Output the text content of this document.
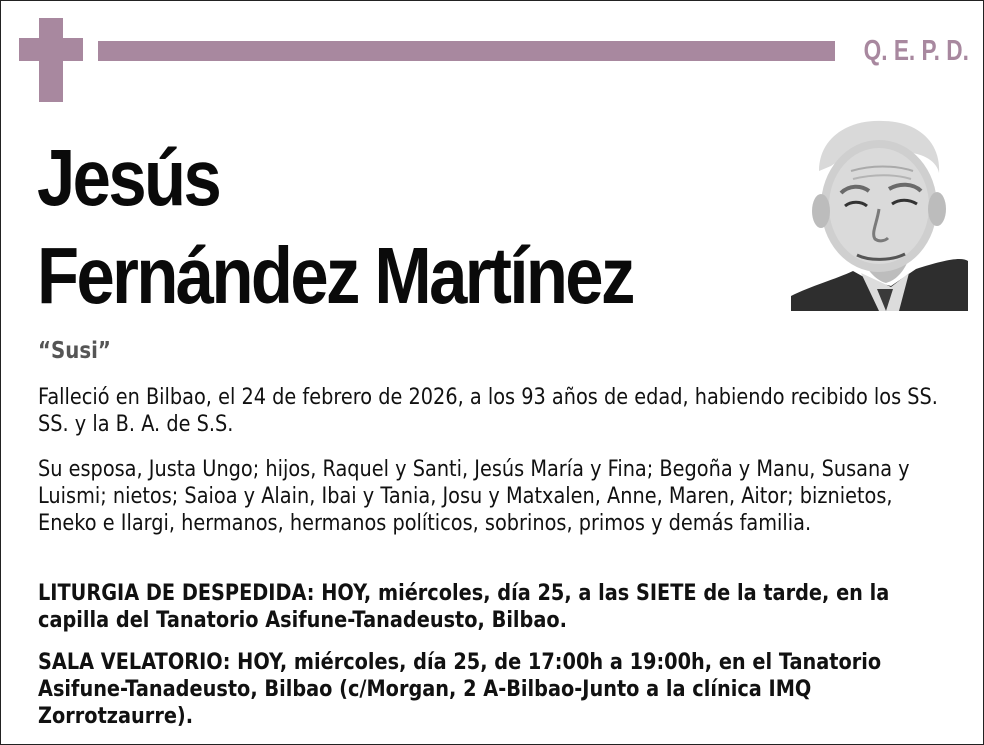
Q. E. P. D.
Jesús
Fernández Martínez
“Susi”

Falleció en Bilbao, el 24 de febrero de 2026, a los 93 años de edad, habiendo recibido los SS. SS. y la B. A. de S.S.

Su esposa, Justa Ungo; hijos, Raquel y Santi, Jesús María y Fina; Begoña y Manu, Susana y Luismi; nietos; Saioa y Alain, Ibai y Tania, Josu y Matxalen, Anne, Maren, Aitor; biznietos, Eneko e Ilargi, hermanos, hermanos políticos, sobrinos, primos y demás familia.

LITURGIA DE DESPEDIDA: HOY, miércoles, día 25, a las SIETE de la tarde, en la capilla del Tanatorio Asifune-Tanadeusto, Bilbao.

SALA VELATORIO: HOY, miércoles, día 25, de 17:00h a 19:00h, en el Tanatorio Asifune-Tanadeusto, Bilbao (c/Morgan, 2 A-Bilbao-Junto a la clínica IMQ Zorrotzaurre).
